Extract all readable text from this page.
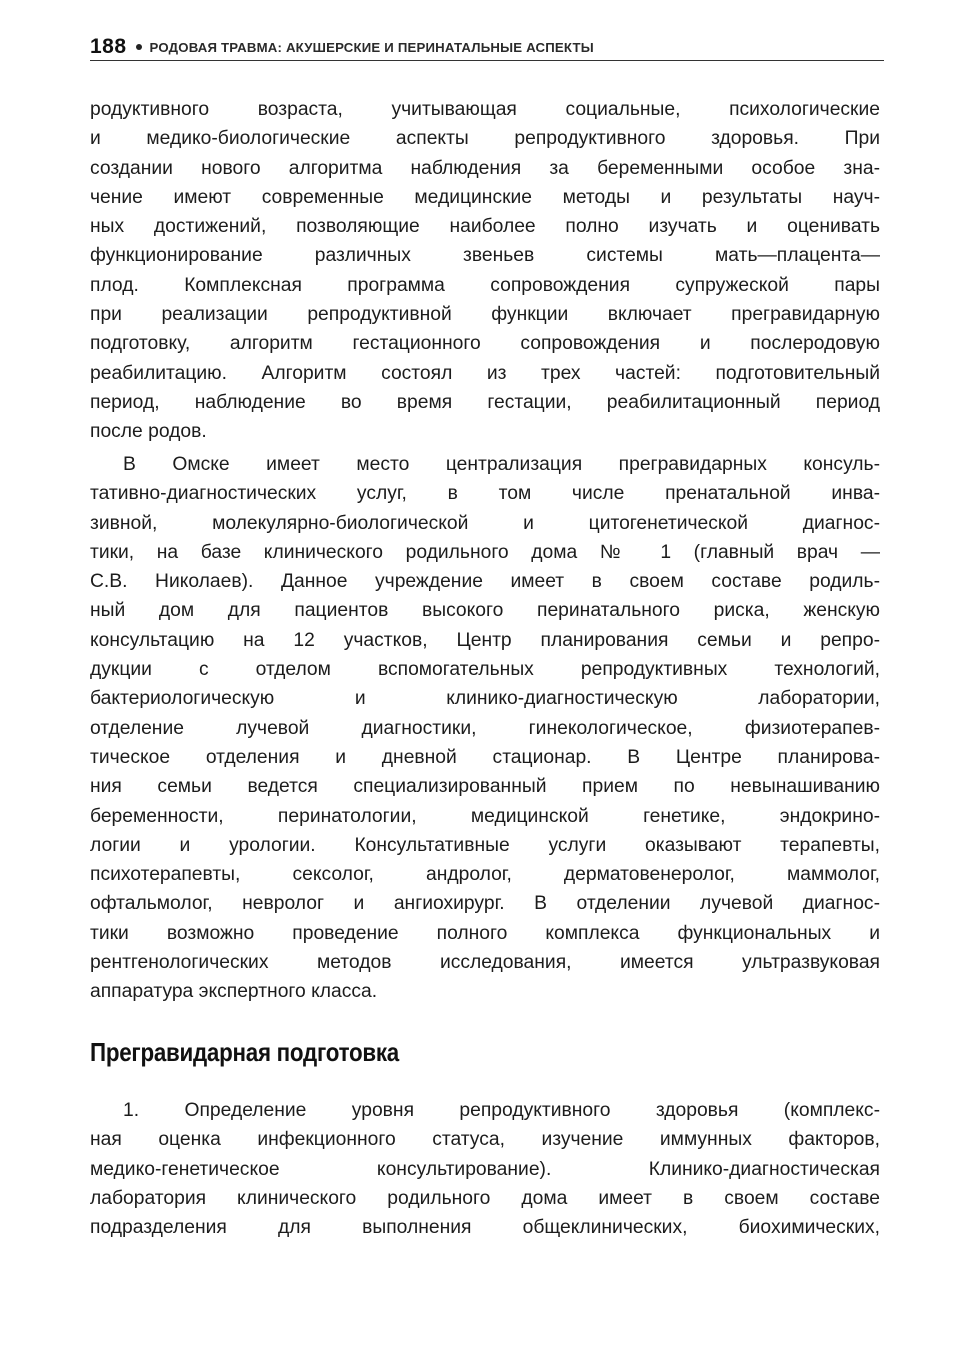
188 РОДОВАЯ ТРАВМА: АКУШЕРСКИЕ И ПЕРИНАТАЛЬНЫЕ АСПЕКТЫ
родуктивного возраста, учитывающая социальные, психологические
и медико-биологические аспекты репродуктивного здоровья. При
создании нового алгоритма наблюдения за беременными особое зна-
чение имеют современные медицинские методы и результаты науч-
ных достижений, позволяющие наиболее полно изучать и оценивать
функционирование различных звеньев системы мать—плацента—
плод. Комплексная программа сопровождения супружеской пары
при реализации репродуктивной функции включает прегравидарную
подготовку, алгоритм гестационного сопровождения и послеродовую
реабилитацию. Алгоритм состоял из трех частей: подготовительный
период, наблюдение во время гестации, реабилитационный период
после родов.
В Омске имеет место централизация прегравидарных консуль-
тативно-диагностических услуг, в том числе пренатальной инва-
зивной, молекулярно-биологической и цитогенетической диагнос-
тики, на базе клинического родильного дома № 1 (главный врач —
С.В. Николаев). Данное учреждение имеет в своем составе родиль-
ный дом для пациентов высокого перинатального риска, женскую
консультацию на 12 участков, Центр планирования семьи и репро-
дукции с отделом вспомогательных репродуктивных технологий,
бактериологическую и клинико-диагностическую лаборатории,
отделение лучевой диагностики, гинекологическое, физиотерапев-
тическое отделения и дневной стационар. В Центре планирова-
ния семьи ведется специализированный прием по невынашиванию
беременности, перинатологии, медицинской генетике, эндокрино-
логии и урологии. Консультативные услуги оказывают терапевты,
психотерапевты, сексолог, андролог, дерматовенеролог, маммолог,
офтальмолог, невролог и ангиохирург. В отделении лучевой диагнос-
тики возможно проведение полного комплекса функциональных и
рентгенологических методов исследования, имеется ультразвуковая
аппаратура экспертного класса.
Прегравидарная подготовка
1. Определение уровня репродуктивного здоровья (комплекс-
ная оценка инфекционного статуса, изучение иммунных факторов,
медико-генетическое консультирование). Клинико-диагностическая
лаборатория клинического родильного дома имеет в своем составе
подразделения для выполнения общеклинических, биохимических,
